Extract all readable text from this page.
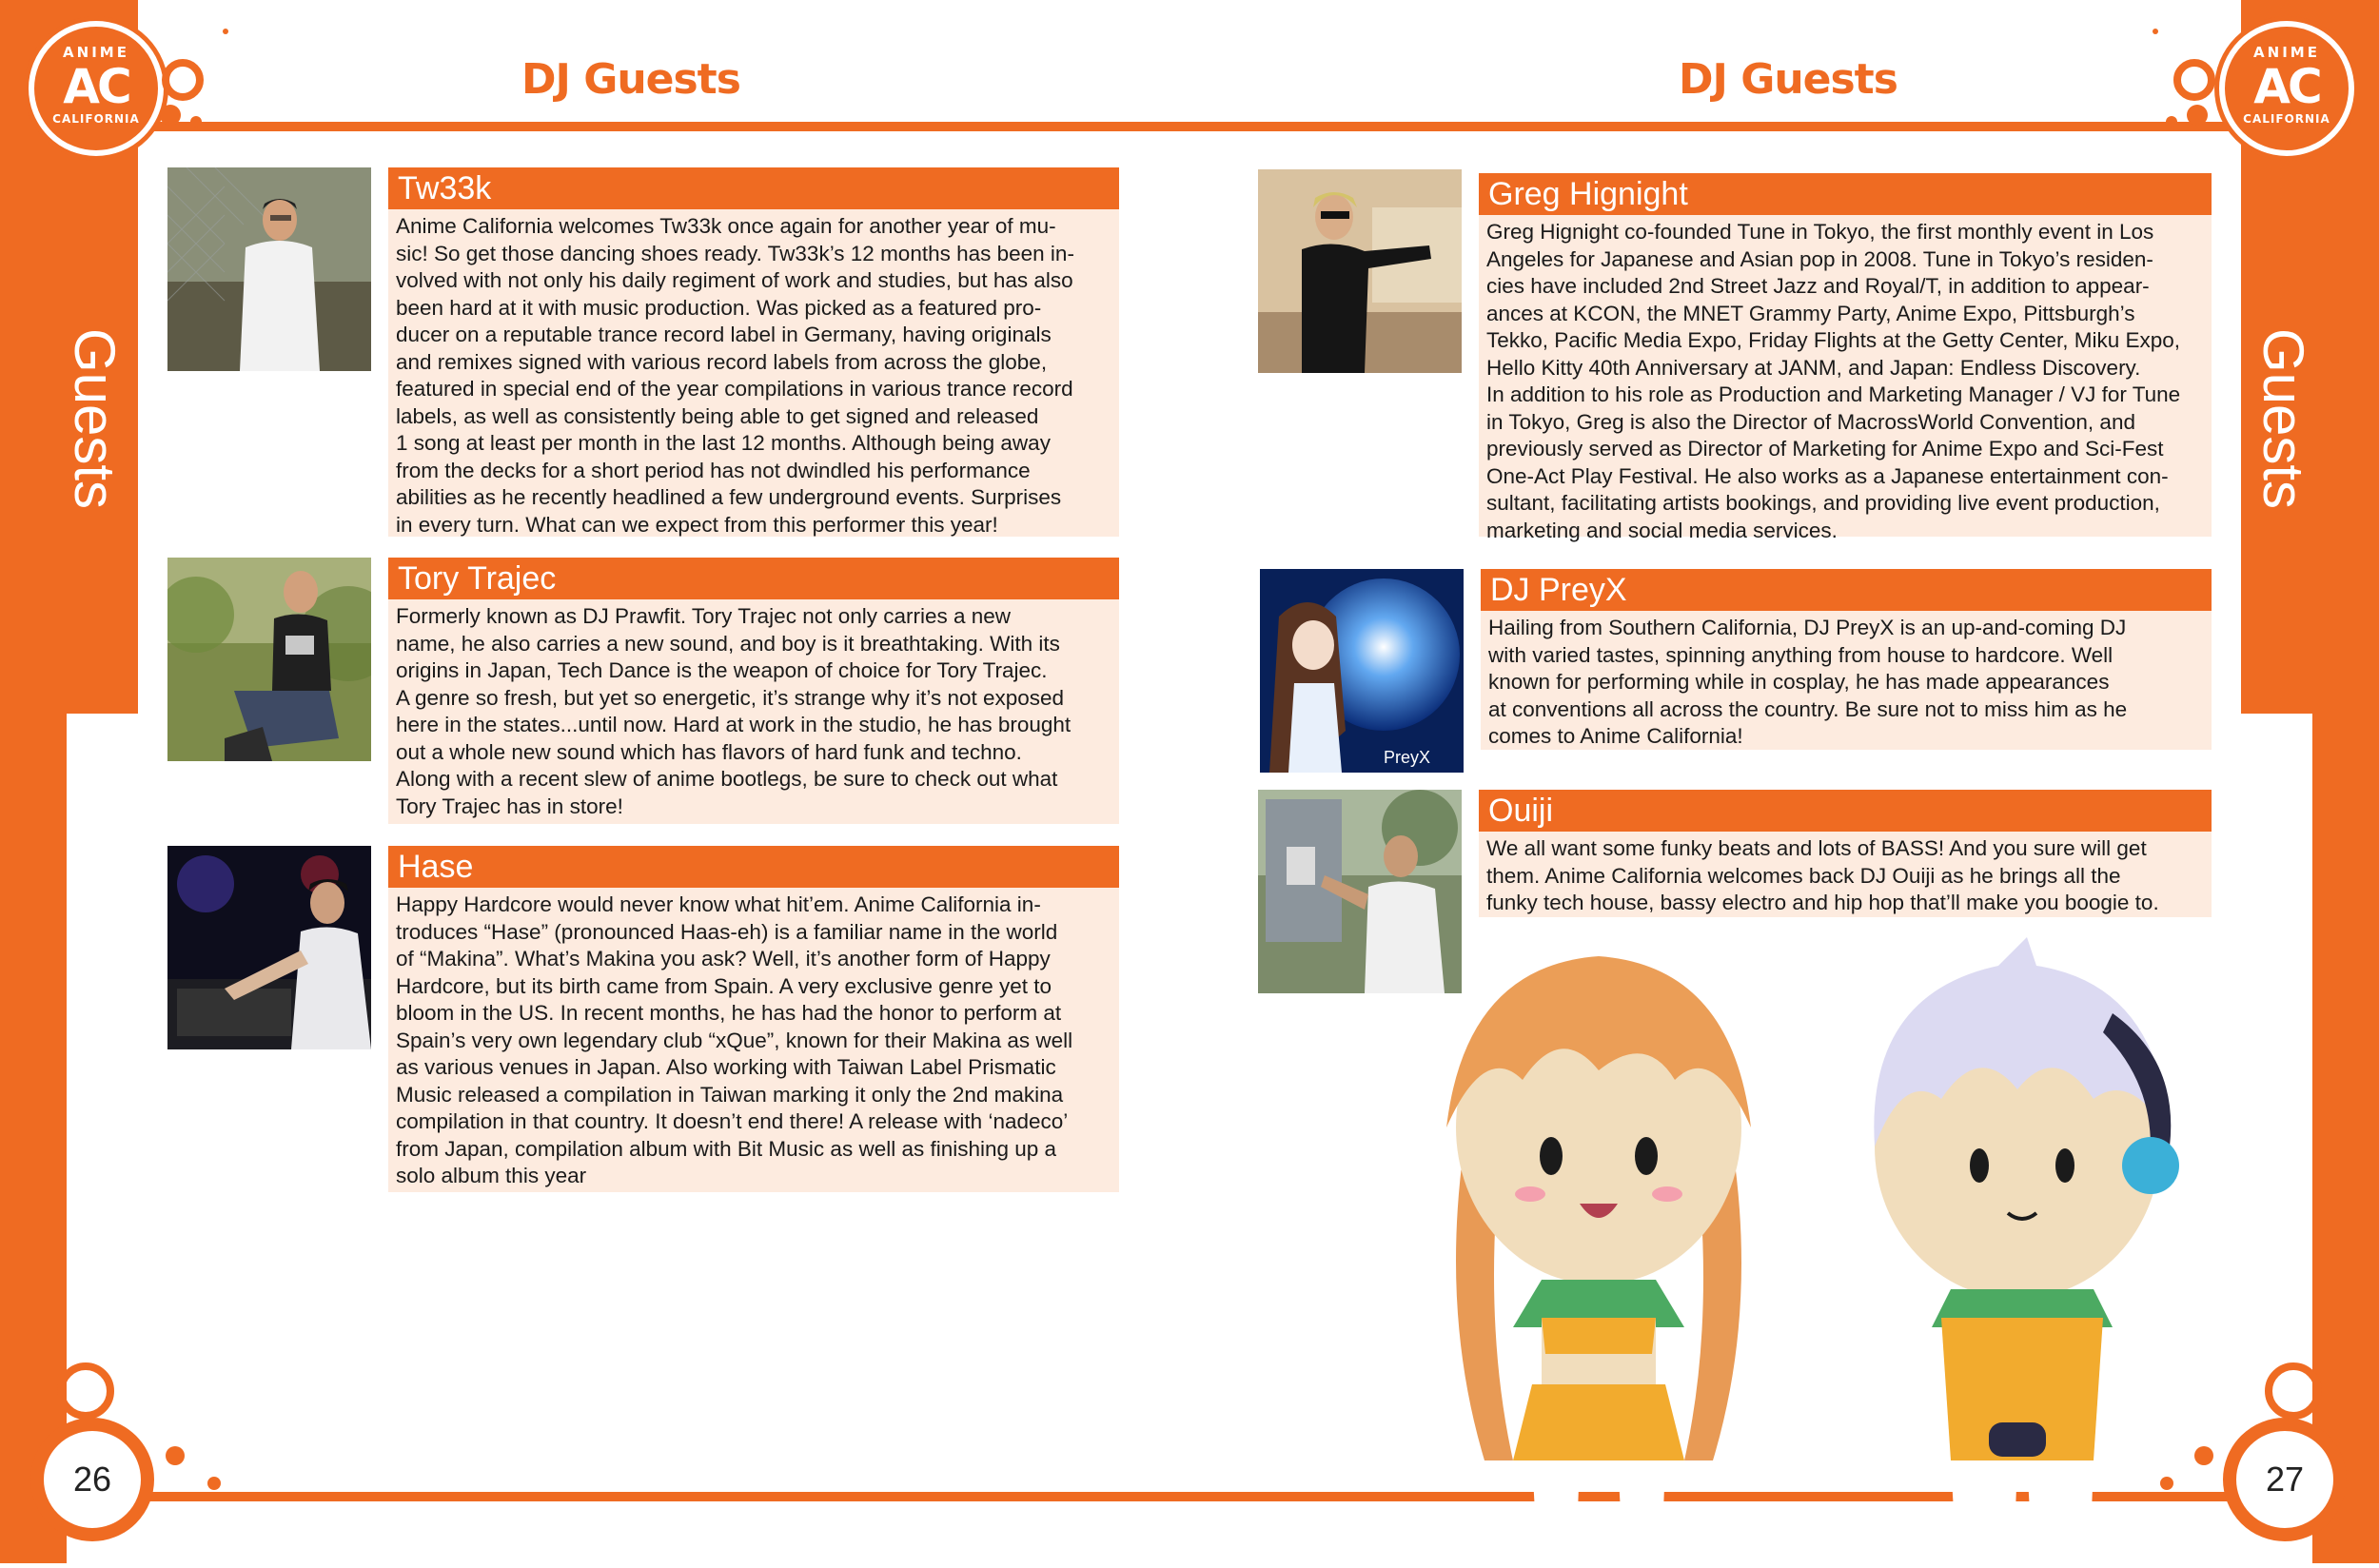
Guests	Guests
DJ Guests	DJ Guests
ANIME
AC
CALIFORNIA
ANIME
AC
CALIFORNIA
26	27
Tw33k
Anime California welcomes Tw33k once again for another year of mu-
sic! So get those dancing shoes ready. Tw33k’s 12 months has been in-
volved with not only his daily regiment of work and studies, but has also
been hard at it with music production. Was picked as a featured pro-
ducer on a reputable trance record label in Germany, having originals
and remixes signed with various record labels from across the globe,
featured in special end of the year compilations in various trance record
labels, as well as consistently being able to get signed and released
1 song at least per month in the last 12 months. Although being away
from the decks for a short period has not dwindled his performance
abilities as he recently headlined a few underground events. Surprises
in every turn. What can we expect from this performer this year!
Tory Trajec
Formerly known as DJ Prawfit. Tory Trajec not only carries a new
name, he also carries a new sound, and boy is it breathtaking. With its
origins in Japan, Tech Dance is the weapon of choice for Tory Trajec.
A genre so fresh, but yet so energetic, it’s strange why it’s not exposed
here in the states...until now. Hard at work in the studio, he has brought
out a whole new sound which has flavors of hard funk and techno.
Along with a recent slew of anime bootlegs, be sure to check out what
Tory Trajec has in store!
Hase
Happy Hardcore would never know what hit’em. Anime California in-
troduces “Hase” (pronounced Haas-eh) is a familiar name in the world
of “Makina”. What’s Makina you ask? Well, it’s another form of Happy
Hardcore, but its birth came from Spain. A very exclusive genre yet to
bloom in the US. In recent months, he has had the honor to perform at
Spain’s very own legendary club “xQue”, known for their Makina as well
as various venues in Japan. Also working with Taiwan Label Prismatic
Music released a compilation in Taiwan marking it only the 2nd makina
compilation in that country. It doesn’t end there! A release with ‘nadeco’
from Japan, compilation album with Bit Music as well as finishing up a
solo album this year
Greg Hignight
Greg Hignight co-founded Tune in Tokyo, the first monthly event in Los
Angeles for Japanese and Asian pop in 2008. Tune in Tokyo’s residen-
cies have included 2nd Street Jazz and Royal/T, in addition to appear-
ances at KCON, the MNET Grammy Party, Anime Expo, Pittsburgh’s
Tekko, Pacific Media Expo, Friday Flights at the Getty Center, Miku Expo,
Hello Kitty 40th Anniversary at JANM, and Japan: Endless Discovery.
In addition to his role as Production and Marketing Manager / VJ for Tune
in Tokyo, Greg is also the Director of MacrossWorld Convention, and
previously served as Director of Marketing for Anime Expo and Sci-Fest
One-Act Play Festival. He also works as a Japanese entertainment con-
sultant, facilitating artists bookings, and providing live event production,
marketing and social media services.
PreyX
DJ PreyX
Hailing from Southern California, DJ PreyX is an up-and-coming DJ
with varied tastes, spinning anything from house to hardcore. Well
known for performing while in cosplay, he has made appearances
at conventions all across the country. Be sure not to miss him as he
comes to Anime California!
Ouiji
We all want some funky beats and lots of BASS! And you sure will get
them. Anime California welcomes back DJ Ouiji as he brings all the
funky tech house, bassy electro and hip hop that’ll make you boogie to.
